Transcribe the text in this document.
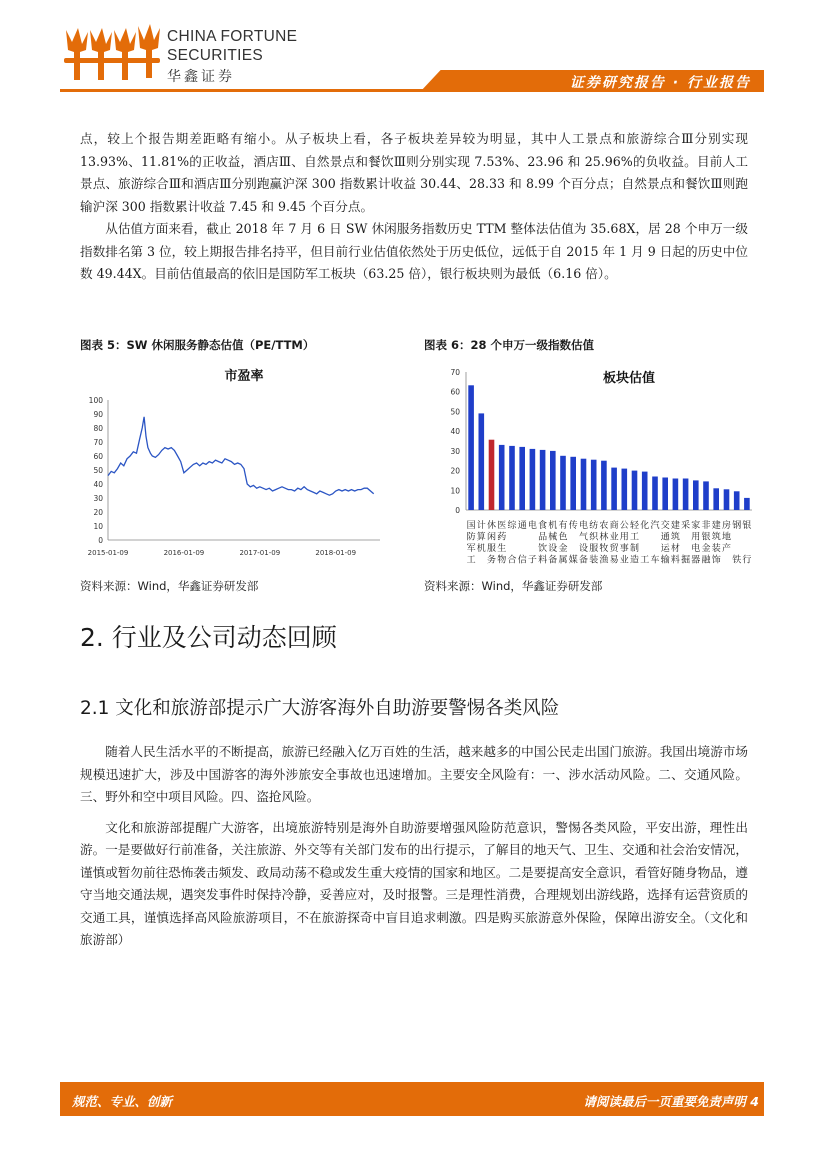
CHINA FORTUNE
SECURITIES
华鑫证券	证券研究报告 · 行业报告

点，较上个报告期差距略有缩小。从子板块上看，各子板块差异较为明显，其中人工景点和旅游综合Ⅲ分别实现 13.93%、11.81%的正收益，酒店Ⅲ、自然景点和餐饮Ⅲ则分别实现 7.53%、23.96 和 25.96%的负收益。目前人工景点、旅游综合Ⅲ和酒店Ⅲ分别跑赢沪深 300 指数累计收益 30.44、28.33 和 8.99 个百分点；自然景点和餐饮Ⅲ则跑输沪深 300 指数累计收益 7.45 和 9.45 个百分点。

从估值方面来看，截止 2018 年 7 月 6 日 SW 休闲服务指数历史 TTM 整体法估值为 35.68X，居 28 个申万一级指数排名第 3 位，较上期报告排名持平，但目前行业估值依然处于历史低位，远低于自 2015 年 1 月 9 日起的历史中位数 49.44X。目前估值最高的依旧是国防军工板块（63.25 倍），银行板块则为最低（6.16 倍）。

图表 5：SW 休闲服务静态估值（PE/TTM）	图表 6：28 个申万一级指数估值
市盈率
0
10
20
30
40
50
60
70
80
90
100
2015-01-09	2016-01-09	2017-01-09	2018-01-09
板块估值
0
10
20
30
40
50
60
70
国 计 休 医 综 通 电 食 机 有 传 电 纺 农 商 公 轻 化 汽 交 建 采 家 非 建 房 钢 银
防 算 闲 药	品 械 色 气 织 林 业 用 工 通 筑 用 银 筑 地
军 机 服 生	饮 设 金 设 服 牧 贸 事 制 运 材 电 金 装 产
工 务 物 合 信 子 料 备 属 媒 备 装 渔 易 业 造 工 车 输 料 掘 器 融 饰 铁 行
资料来源：Wind，华鑫证券研发部	资料来源：Wind，华鑫证券研发部
2. 行业及公司动态回顾
2.1 文化和旅游部提示广大游客海外自助游要警惕各类风险

随着人民生活水平的不断提高，旅游已经融入亿万百姓的生活，越来越多的中国公民走出国门旅游。我国出境游市场规模迅速扩大，涉及中国游客的海外涉旅安全事故也迅速增加。主要安全风险有：一、涉水活动风险。二、交通风险。三、野外和空中项目风险。四、盗抢风险。

文化和旅游部提醒广大游客，出境旅游特别是海外自助游要增强风险防范意识，警惕各类风险，平安出游，理性出游。一是要做好行前准备，关注旅游、外交等有关部门发布的出行提示，了解目的地天气、卫生、交通和社会治安情况，谨慎或暂勿前往恐怖袭击频发、政局动荡不稳或发生重大疫情的国家和地区。二是要提高安全意识，看管好随身物品，遵守当地交通法规，遇突发事件时保持冷静，妥善应对，及时报警。三是理性消费，合理规划出游线路，选择有运营资质的交通工具，谨慎选择高风险旅游项目，不在旅游探奇中盲目追求刺激。四是购买旅游意外保险，保障出游安全。（文化和旅游部）

规范、专业、创新	请阅读最后一页重要免责声明 4
